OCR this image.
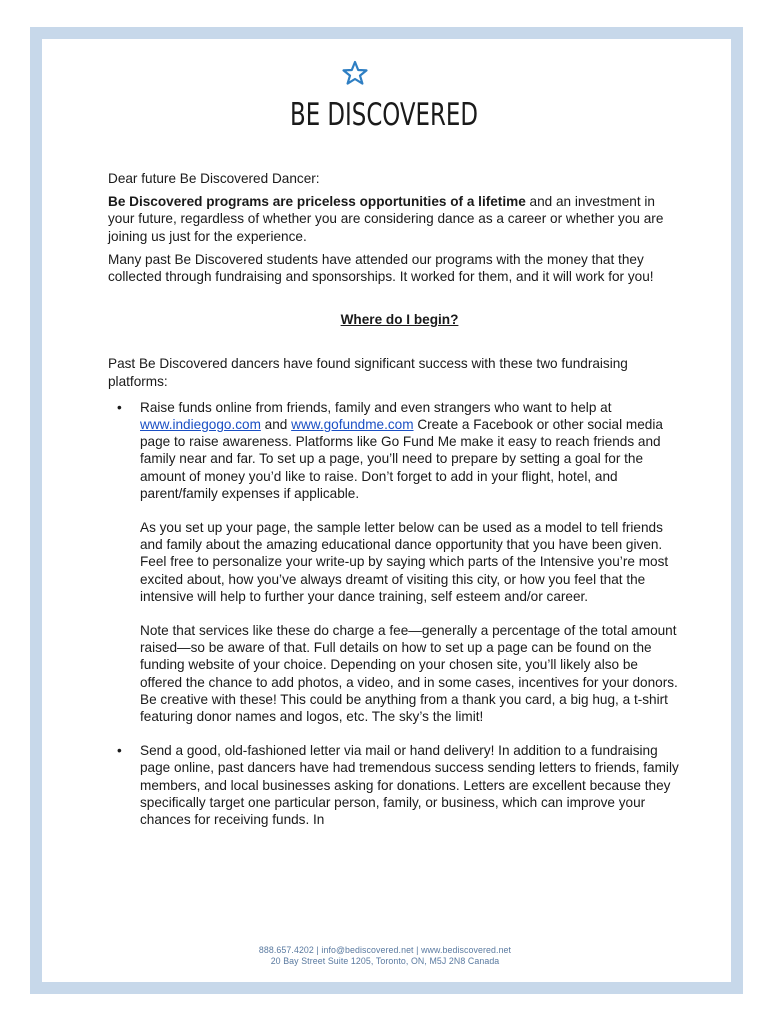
BE DISCOVERED

Dear future Be Discovered Dancer:

Be Discovered programs are priceless opportunities of a lifetime and an investment in your future, regardless of whether you are considering dance as a career or whether you are joining us just for the experience.

Many past Be Discovered students have attended our programs with the money that they collected through fundraising and sponsorships. It worked for them, and it will work for you!

Where do I begin?

Past Be Discovered dancers have found significant success with these two fundraising platforms:

• Raise funds online from friends, family and even strangers who want to help at www.indiegogo.com and www.gofundme.com Create a Facebook or other social media page to raise awareness. Platforms like Go Fund Me make it easy to reach friends and family near and far. To set up a page, you’ll need to prepare by setting a goal for the amount of money you’d like to raise. Don’t forget to add in your flight, hotel, and parent/family expenses if applicable.

As you set up your page, the sample letter below can be used as a model to tell friends and family about the amazing educational dance opportunity that you have been given. Feel free to personalize your write-up by saying which parts of the Intensive you’re most excited about, how you’ve always dreamt of visiting this city, or how you feel that the intensive will help to further your dance training, self esteem and/or career.

Note that services like these do charge a fee—generally a percentage of the total amount raised—so be aware of that. Full details on how to set up a page can be found on the funding website of your choice. Depending on your chosen site, you’ll likely also be offered the chance to add photos, a video, and in some cases, incentives for your donors. Be creative with these! This could be anything from a thank you card, a big hug, a t-shirt featuring donor names and logos, etc. The sky’s the limit!

• Send a good, old-fashioned letter via mail or hand delivery! In addition to a fundraising page online, past dancers have had tremendous success sending letters to friends, family members, and local businesses asking for donations. Letters are excellent because they specifically target one particular person, family, or business, which can improve your chances for receiving funds. In

888.657.4202 | info@bediscovered.net | www.bediscovered.net
20 Bay Street Suite 1205, Toronto, ON, M5J 2N8 Canada
